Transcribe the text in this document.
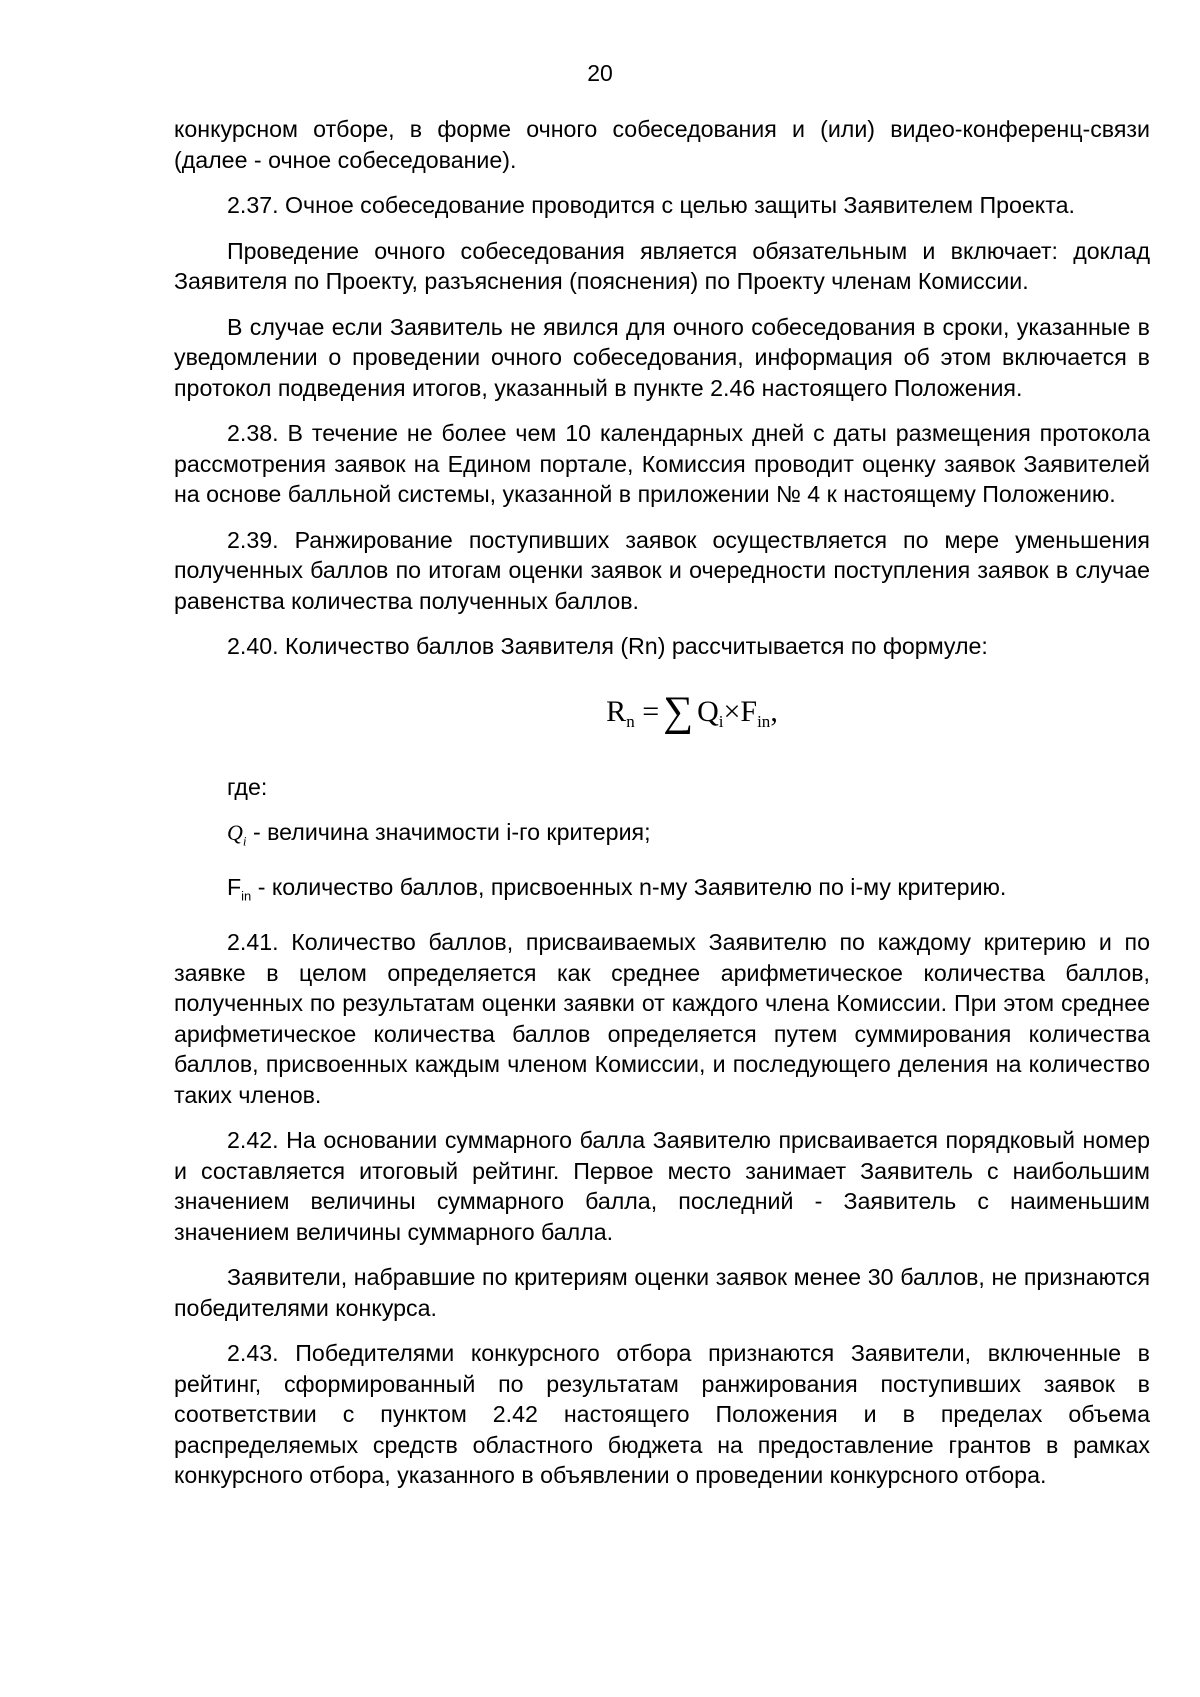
20

конкурсном отборе, в форме очного собеседования и (или) видео-конференц-связи (далее - очное собеседование).

2.37. Очное собеседование проводится с целью защиты Заявителем Проекта.

Проведение очного собеседования является обязательным и включает: доклад Заявителя по Проекту, разъяснения (пояснения) по Проекту членам Комиссии.

В случае если Заявитель не явился для очного собеседования в сроки, указанные в уведомлении о проведении очного собеседования, информация об этом включается в протокол подведения итогов, указанный в пункте 2.46 настоящего Положения.

2.38. В течение не более чем 10 календарных дней с даты размещения протокола рассмотрения заявок на Едином портале, Комиссия проводит оценку заявок Заявителей на основе балльной системы, указанной в приложении № 4 к настоящему Положению.

2.39. Ранжирование поступивших заявок осуществляется по мере уменьшения полученных баллов по итогам оценки заявок и очередности поступления заявок в случае равенства количества полученных баллов.

2.40. Количество баллов Заявителя (Rn) рассчитывается по формуле:

$R_n$ =∑ $Q_i\times F_{in}$,

где:

$Q_i$ - величина значимости i-го критерия;

$F_{in}$ - количество баллов, присвоенных n-му Заявителю по i-му критерию.

2.41. Количество баллов, присваиваемых Заявителю по каждому критерию и по заявке в целом определяется как среднее арифметическое количества баллов, полученных по результатам оценки заявки от каждого члена Комиссии. При этом среднее арифметическое количества баллов определяется путем суммирования количества баллов, присвоенных каждым членом Комиссии, и последующего деления на количество таких членов.

2.42. На основании суммарного балла Заявителю присваивается порядковый номер и составляется итоговый рейтинг. Первое место занимает Заявитель с наибольшим значением величины суммарного балла, последний - Заявитель с наименьшим значением величины суммарного балла.

Заявители, набравшие по критериям оценки заявок менее 30 баллов, не признаются победителями конкурса.

2.43. Победителями конкурсного отбора признаются Заявители, включенные в рейтинг, сформированный по результатам ранжирования поступивших заявок в соответствии с пунктом 2.42 настоящего Положения и в пределах объема распределяемых средств областного бюджета на предоставление грантов в рамках конкурсного отбора, указанного в объявлении о проведении конкурсного отбора.
